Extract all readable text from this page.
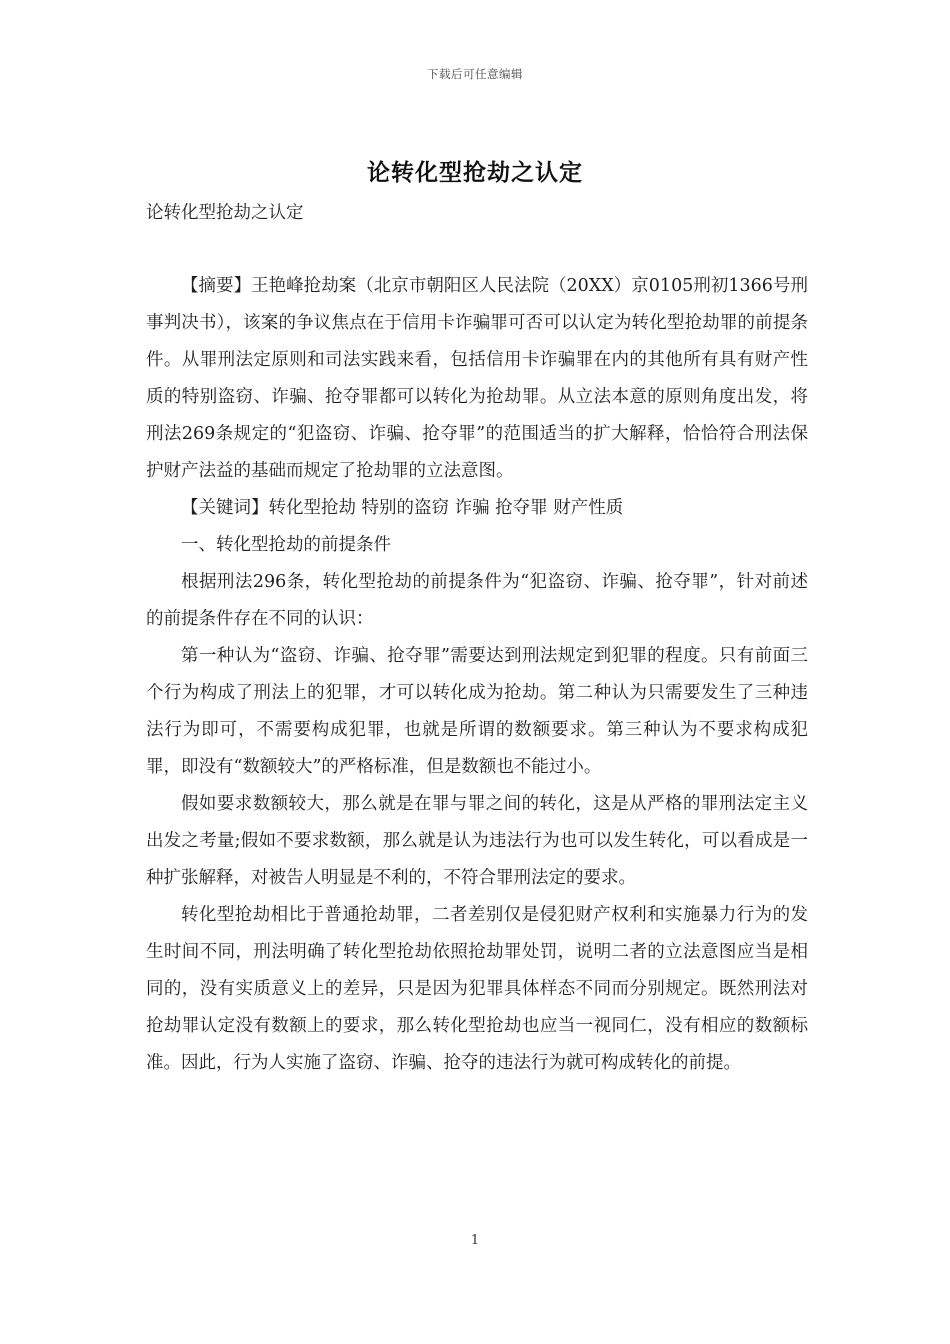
下载后可任意编辑
论转化型抢劫之认定
论转化型抢劫之认定

【摘要】王艳峰抢劫案（北京市朝阳区人民法院（20XX）京0105刑初1366号刑事判决书），该案的争议焦点在于信用卡诈骗罪可否可以认定为转化型抢劫罪的前提条件。从罪刑法定原则和司法实践来看，包括信用卡诈骗罪在内的其他所有具有财产性质的特别盗窃、诈骗、抢夺罪都可以转化为抢劫罪。从立法本意的原则角度出发，将刑法269条规定的“犯盗窃、诈骗、抢夺罪”的范围适当的扩大解释，恰恰符合刑法保护财产法益的基础而规定了抢劫罪的立法意图。

【关键词】转化型抢劫 特别的盗窃 诈骗 抢夺罪 财产性质

一、转化型抢劫的前提条件

根据刑法296条，转化型抢劫的前提条件为“犯盗窃、诈骗、抢夺罪”，针对前述的前提条件存在不同的认识：

第一种认为“盗窃、诈骗、抢夺罪”需要达到刑法规定到犯罪的程度。只有前面三个行为构成了刑法上的犯罪，才可以转化成为抢劫。第二种认为只需要发生了三种违法行为即可，不需要构成犯罪，也就是所谓的数额要求。第三种认为不要求构成犯罪，即没有“数额较大”的严格标准，但是数额也不能过小。

假如要求数额较大，那么就是在罪与罪之间的转化，这是从严格的罪刑法定主义出发之考量;假如不要求数额，那么就是认为违法行为也可以发生转化，可以看成是一种扩张解释，对被告人明显是不利的，不符合罪刑法定的要求。

转化型抢劫相比于普通抢劫罪，二者差别仅是侵犯财产权利和实施暴力行为的发生时间不同，刑法明确了转化型抢劫依照抢劫罪处罚，说明二者的立法意图应当是相同的，没有实质意义上的差异，只是因为犯罪具体样态不同而分别规定。既然刑法对抢劫罪认定没有数额上的要求，那么转化型抢劫也应当一视同仁，没有相应的数额标准。因此，行为人实施了盗窃、诈骗、抢夺的违法行为就可构成转化的前提。

1
